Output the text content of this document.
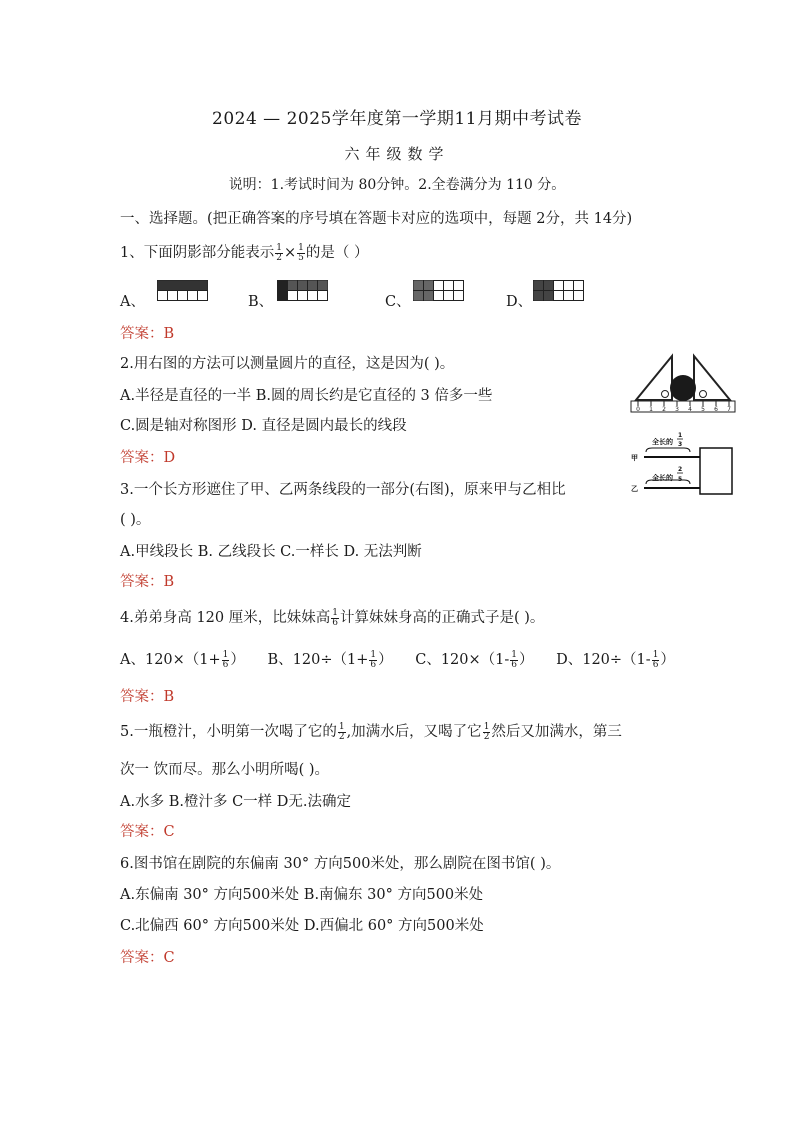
2024 — 2025学年度第一学期11月期中考试卷
六年级数学
说明：1.考试时间为 80分钟。2.全卷满分为 110 分。
一、选择题。(把正确答案的序号填在答题卡对应的选项中，每题 2分，共 14分)
1、下面阴影部分能表示 $\frac{1}{2} \times \frac{1}{5}$ 的是（ ）
A、	B、	C、	D、
答案：B
2.用右图的方法可以测量圆片的直径，这是因为( )。
A.半径是直径的一半 B.圆的周长约是它直径的 3 倍多一些
C.圆是轴对称图形 D. 直径是圆内最长的线段
答案：D
0 1 2 3 4 5 6 7
3.一个长方形遮住了甲、乙两条线段的一部分(右图)，原来甲与乙相比
( )。
A.甲线段长 B. 乙线段长 C.一样长 D. 无法判断
答案：B
全长的
1
3
甲
全长的
2
5
乙
4.弟弟身高 120 厘米，比妹妹高 $\frac{1}{6}$ 计算妹妹身高的正确式子是( )。
A、$120\times(1+ \frac{1}{6}$ ） B、$120\div(1+ \frac{1}{6}$ ） C、$120\times(1- \frac{1}{6}$ ） D、$120\div(1- \frac{1}{6}$ ）
答案：B
5.一瓶橙汁，小明第一次喝了它的 $\frac{1}{2}$ ,加满水后，又喝了它 $\frac{1}{2}$ 然后又加满水，第三
次一 饮而尽。那么小明所喝( )。
A.水多 B.橙汁多 C一样 D无.法确定
答案：C
6.图书馆在剧院的东偏南 30° 方向500米处，那么剧院在图书馆( )。
A.东偏南 30° 方向500米处 B.南偏东 30° 方向500米处
C.北偏西 60° 方向500米处 D.西偏北 60° 方向500米处
答案：C
